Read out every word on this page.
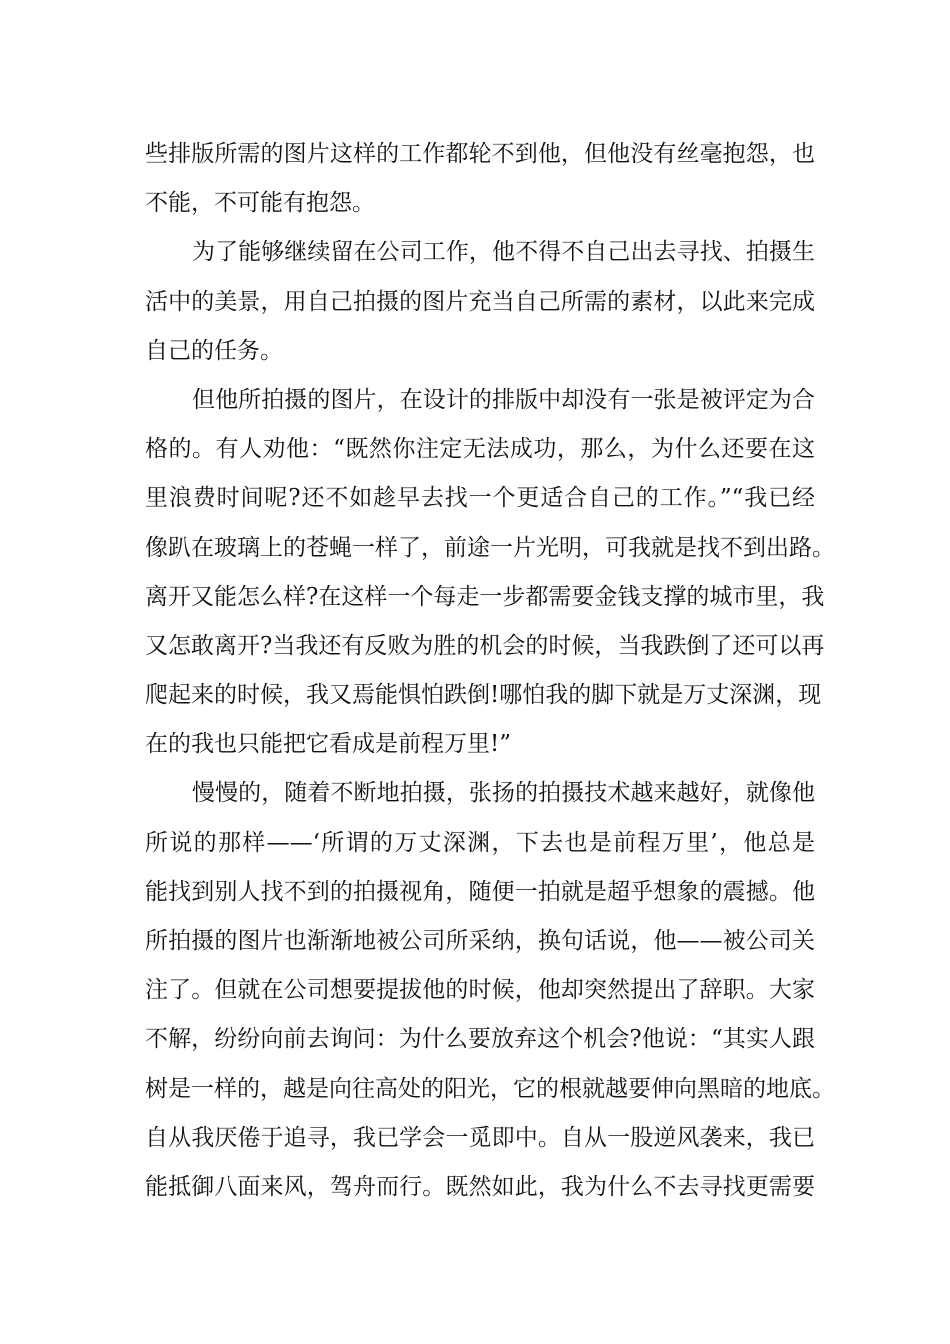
些排版所需的图片这样的工作都轮不到他，但他没有丝毫抱怨，也
不能，不可能有抱怨。

为了能够继续留在公司工作，他不得不自己出去寻找、拍摄生
活中的美景，用自己拍摄的图片充当自己所需的素材，以此来完成
自己的任务。

但他所拍摄的图片，在设计的排版中却没有一张是被评定为合
格的。有人劝他：“既然你注定无法成功，那么，为什么还要在这
里浪费时间呢?还不如趁早去找一个更适合自己的工作。”“我已经
像趴在玻璃上的苍蝇一样了，前途一片光明，可我就是找不到出路。
离开又能怎么样?在这样一个每走一步都需要金钱支撑的城市里，我
又怎敢离开?当我还有反败为胜的机会的时候，当我跌倒了还可以再
爬起来的时候，我又焉能惧怕跌倒!哪怕我的脚下就是万丈深渊，现
在的我也只能把它看成是前程万里!”

慢慢的，随着不断地拍摄，张扬的拍摄技术越来越好，就像他
所说的那样——‘所谓的万丈深渊，下去也是前程万里’，他总是
能找到别人找不到的拍摄视角，随便一拍就是超乎想象的震撼。他
所拍摄的图片也渐渐地被公司所采纳，换句话说，他——被公司关
注了。但就在公司想要提拔他的时候，他却突然提出了辞职。大家
不解，纷纷向前去询问：为什么要放弃这个机会?他说：“其实人跟
树是一样的，越是向往高处的阳光，它的根就越要伸向黑暗的地底。
自从我厌倦于追寻，我已学会一觅即中。自从一股逆风袭来，我已
能抵御八面来风，驾舟而行。既然如此，我为什么不去寻找更需要
